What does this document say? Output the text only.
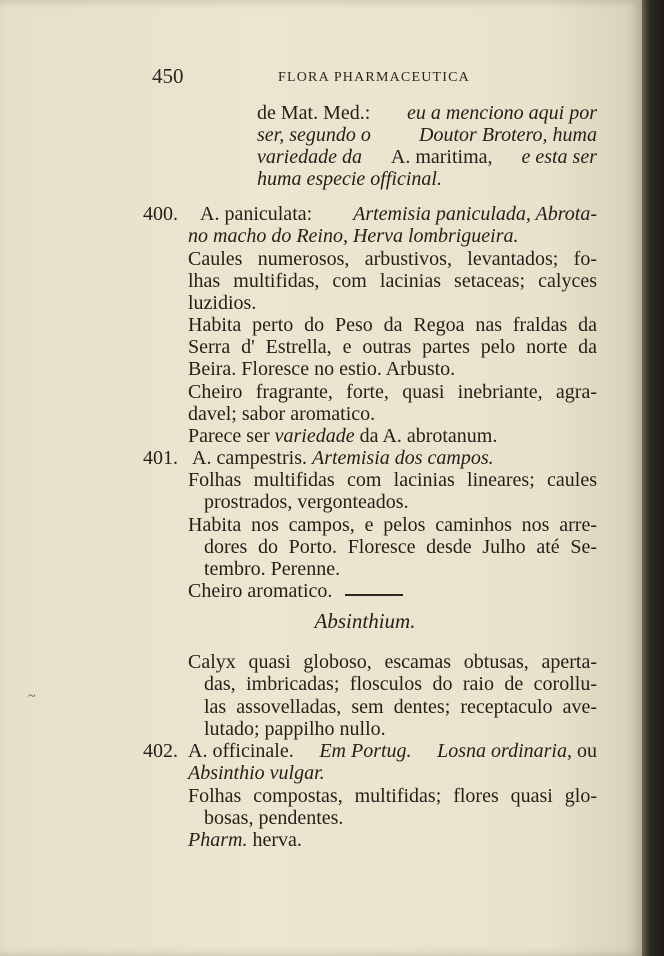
450	FLORA PHARMACEUTICA
de Mat. Med.: eu a menciono aqui por
ser, segundo o Doutor Brotero, huma
variedade da A. maritima, e esta ser
huma especie officinal.
400. A. paniculata: Artemisia paniculada, Abrota-
no macho do Reino, Herva lombrigueira.
Caules numerosos, arbustivos, levantados; fo-
lhas multifidas, com lacinias setaceas; calyces
luzidios.
Habita perto do Peso da Regoa nas fraldas da
Serra d' Estrella, e outras partes pelo norte da
Beira. Floresce no estio. Arbusto.
Cheiro fragrante, forte, quasi inebriante, agra-
davel; sabor aromatico.
Parece ser variedade da A. abrotanum.
401. A. campestris. Artemisia dos campos.
Folhas multifidas com lacinias lineares; caules
prostrados, vergonteados.
Habita nos campos, e pelos caminhos nos arre-
dores do Porto. Floresce desde Julho até Se-
tembro. Perenne.
Cheiro aromatico.
Absinthium.
Calyx quasi globoso, escamas obtusas, aperta-
das, imbricadas; flosculos do raio de corollu-
las assovelladas, sem dentes; receptaculo ave-
lutado; pappilho nullo.
~
402. A. officinale. Em Portug. Losna ordinaria, ou
Absinthio vulgar.
Folhas compostas, multifidas; flores quasi glo-
bosas, pendentes.
Pharm. herva.
